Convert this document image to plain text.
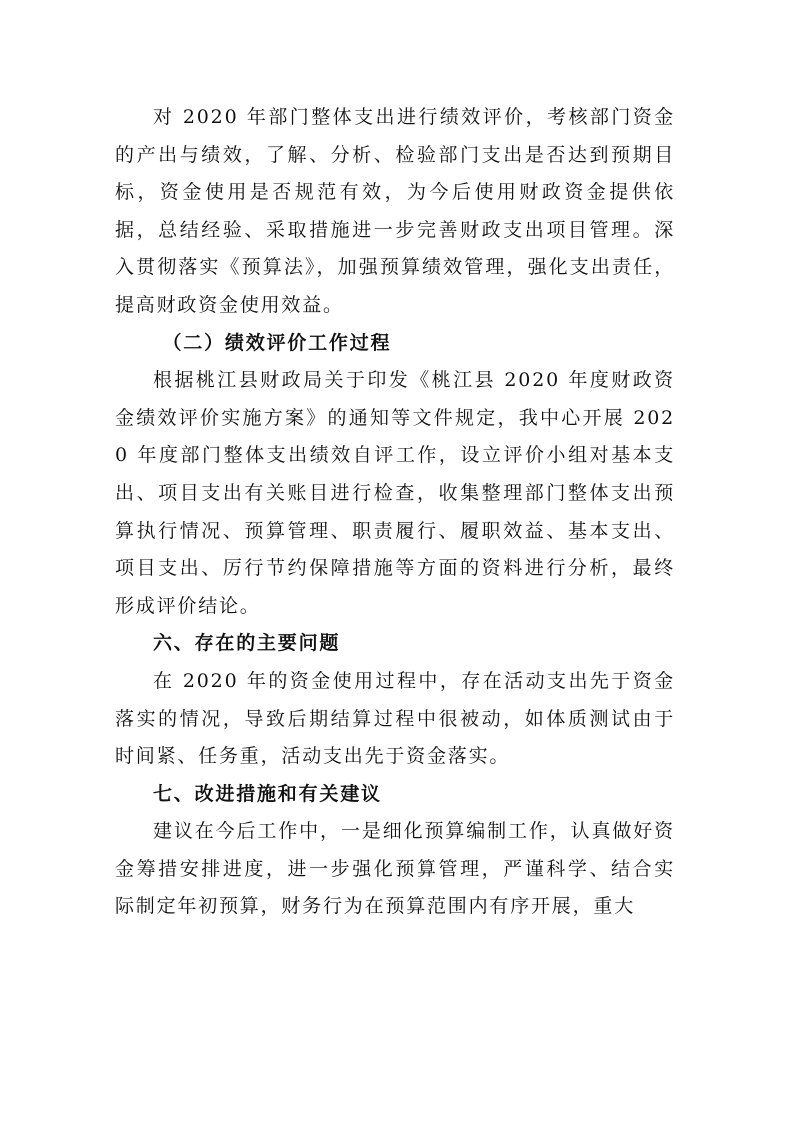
对 2020 年部门整体支出进行绩效评价，考核部门资金的产出与绩效，了解、分析、检验部门支出是否达到预期目标，资金使用是否规范有效，为今后使用财政资金提供依据，总结经验、采取措施进一步完善财政支出项目管理。深入贯彻落实《预算法》，加强预算绩效管理，强化支出责任，提高财政资金使用效益。

（二）绩效评价工作过程

根据桃江县财政局关于印发《桃江县 2020 年度财政资金绩效评价实施方案》的通知等文件规定，我中心开展 2020 年度部门整体支出绩效自评工作，设立评价小组对基本支出、项目支出有关账目进行检查，收集整理部门整体支出预算执行情况、预算管理、职责履行、履职效益、基本支出、项目支出、厉行节约保障措施等方面的资料进行分析，最终形成评价结论。

六、存在的主要问题

在 2020 年的资金使用过程中，存在活动支出先于资金落实的情况，导致后期结算过程中很被动，如体质测试由于时间紧、任务重，活动支出先于资金落实。

七、改进措施和有关建议

建议在今后工作中，一是细化预算编制工作，认真做好资金筹措安排进度，进一步强化预算管理，严谨科学、结合实际制定年初预算，财务行为在预算范围内有序开展，重大
